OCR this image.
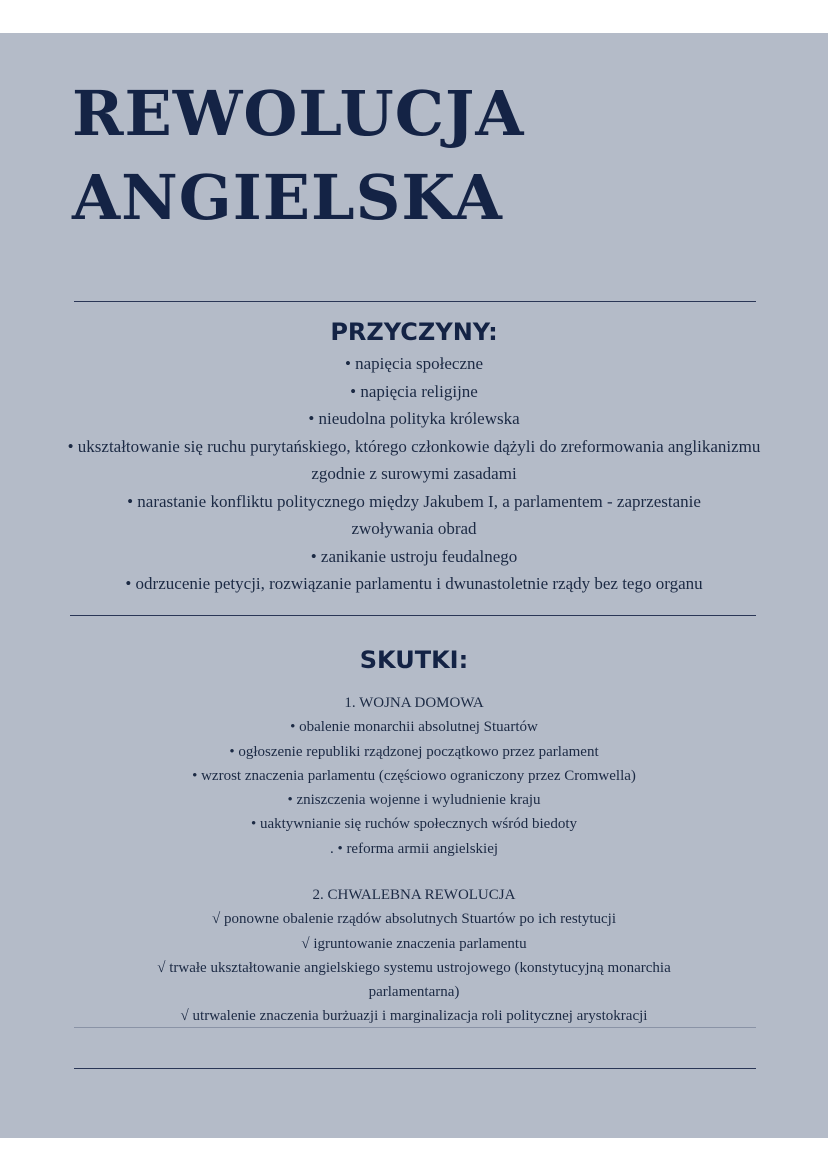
REWOLUCJA
ANGIELSKA
PRZYCZYNY:
• napięcia społeczne
• napięcia religijne
• nieudolna polityka królewska
• ukształtowanie się ruchu purytańskiego, którego członkowie dążyli do zreformowania anglikanizmu zgodnie z surowymi zasadami
• narastanie konfliktu politycznego między Jakubem I, a parlamentem - zaprzestanie zwoływania obrad
• zanikanie ustroju feudalnego
• odrzucenie petycji, rozwiązanie parlamentu i dwunastoletnie rządy bez tego organu
SKUTKI:
1. WOJNA DOMOWA
• obalenie monarchii absolutnej Stuartów
• ogłoszenie republiki rządzonej początkowo przez parlament
• wzrost znaczenia parlamentu (częściowo ograniczony przez Cromwella)
• zniszczenia wojenne i wyludnienie kraju
• uaktywnianie się ruchów społecznych wśród biedoty
. • reforma armii angielskiej
2. CHWALEBNA REWOLUCJA
√ ponowne obalenie rządów absolutnych Stuartów po ich restytucji
√ igruntowanie znaczenia parlamentu
√ trwałe ukształtowanie angielskiego systemu ustrojowego (konstytucyjną monarchia parlamentarna)
√ utrwalenie znaczenia burżuazji i marginalizacja roli politycznej arystokracji
